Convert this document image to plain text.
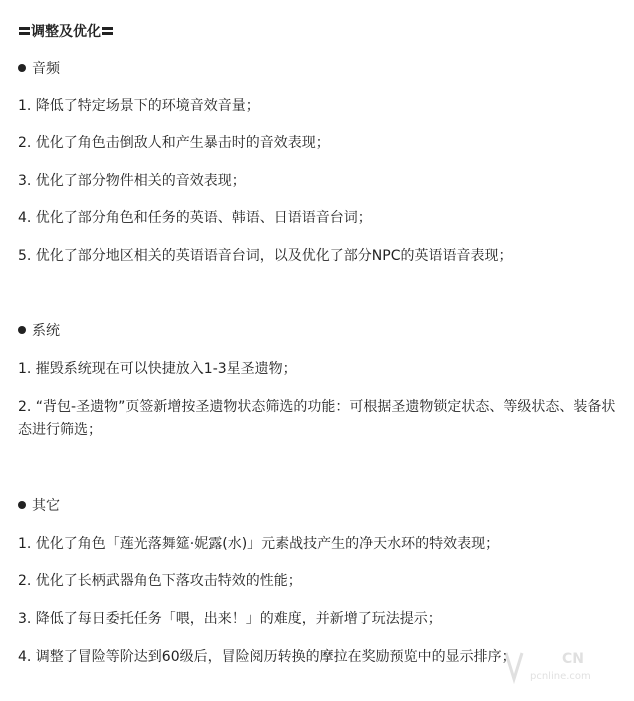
调整及优化
音频
1. 降低了特定场景下的环境音效音量；
2. 优化了角色击倒敌人和产生暴击时的音效表现；
3. 优化了部分物件相关的音效表现；
4. 优化了部分角色和任务的英语、韩语、日语语音台词；
5. 优化了部分地区相关的英语语音台词，以及优化了部分NPC的英语语音表现；
系统
1. 摧毁系统现在可以快捷放入1-3星圣遗物；
2. “背包-圣遗物”页签新增按圣遗物状态筛选的功能：可根据圣遗物锁定状态、等级状态、装备状态进行筛选；
其它
1. 优化了角色「莲光落舞筵·妮露(水)」元素战技产生的净天水环的特效表现；
2. 优化了长柄武器角色下落攻击特效的性能；
3. 降低了每日委托任务「喂，出来！」的难度，并新增了玩法提示；
4. 调整了冒险等阶达到60级后，冒险阅历转换的摩拉在奖励预览中的显示排序；	CN
pcnline.com
